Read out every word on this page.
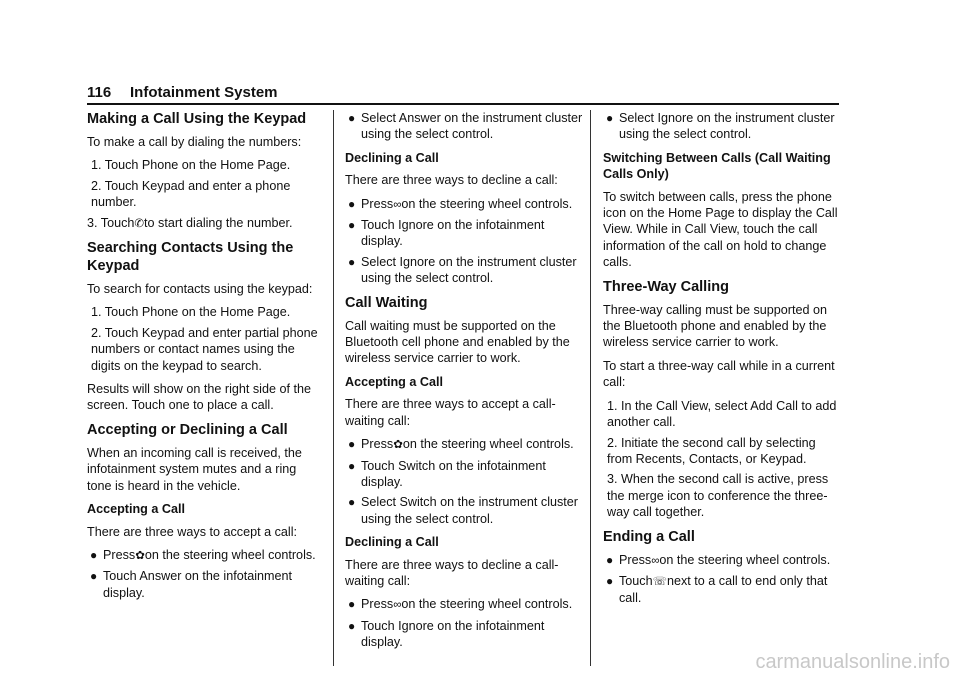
116 Infotainment System
Making a Call Using the Keypad

To make a call by dialing the numbers:

1. Touch Phone on the Home Page.
2. Touch Keypad and enter a phone number.
3. Touch✆to start dialing the number.
Searching Contacts Using the Keypad

To search for contacts using the keypad:

1. Touch Phone on the Home Page.
2. Touch Keypad and enter partial phone numbers or contact names using the digits on the keypad to search.

Results will show on the right side of the screen. Touch one to place a call.

Accepting or Declining a Call

When an incoming call is received, the infotainment system mutes and a ring tone is heard in the vehicle.

Accepting a Call

There are three ways to accept a call:

● Press✿on the steering wheel controls.
● Touch Answer on the infotainment display.
● Select Answer on the instrument cluster using the select control.
Declining a Call

There are three ways to decline a call:

● Press∞on the steering wheel controls.
● Touch Ignore on the infotainment display.
● Select Ignore on the instrument cluster using the select control.
Call Waiting

Call waiting must be supported on the Bluetooth cell phone and enabled by the wireless service carrier to work.

Accepting a Call

There are three ways to accept a call-waiting call:

● Press✿on the steering wheel controls.
● Touch Switch on the infotainment display.
● Select Switch on the instrument cluster using the select control.
Declining a Call

There are three ways to decline a call-waiting call:

● Press∞on the steering wheel controls.
● Touch Ignore on the infotainment display.
● Select Ignore on the instrument cluster using the select control.
Switching Between Calls (Call Waiting Calls Only)

To switch between calls, press the phone icon on the Home Page to display the Call View. While in Call View, touch the call information of the call on hold to change calls.

Three-Way Calling

Three-way calling must be supported on the Bluetooth phone and enabled by the wireless service carrier to work.

To start a three-way call while in a current call:

1. In the Call View, select Add Call to add another call.
2. Initiate the second call by selecting from Recents, Contacts, or Keypad.
3. When the second call is active, press the merge icon to conference the three-way call together.
Ending a Call
● Press∞on the steering wheel controls.
● Touch☏next to a call to end only that call.
carmanualsonline.info
